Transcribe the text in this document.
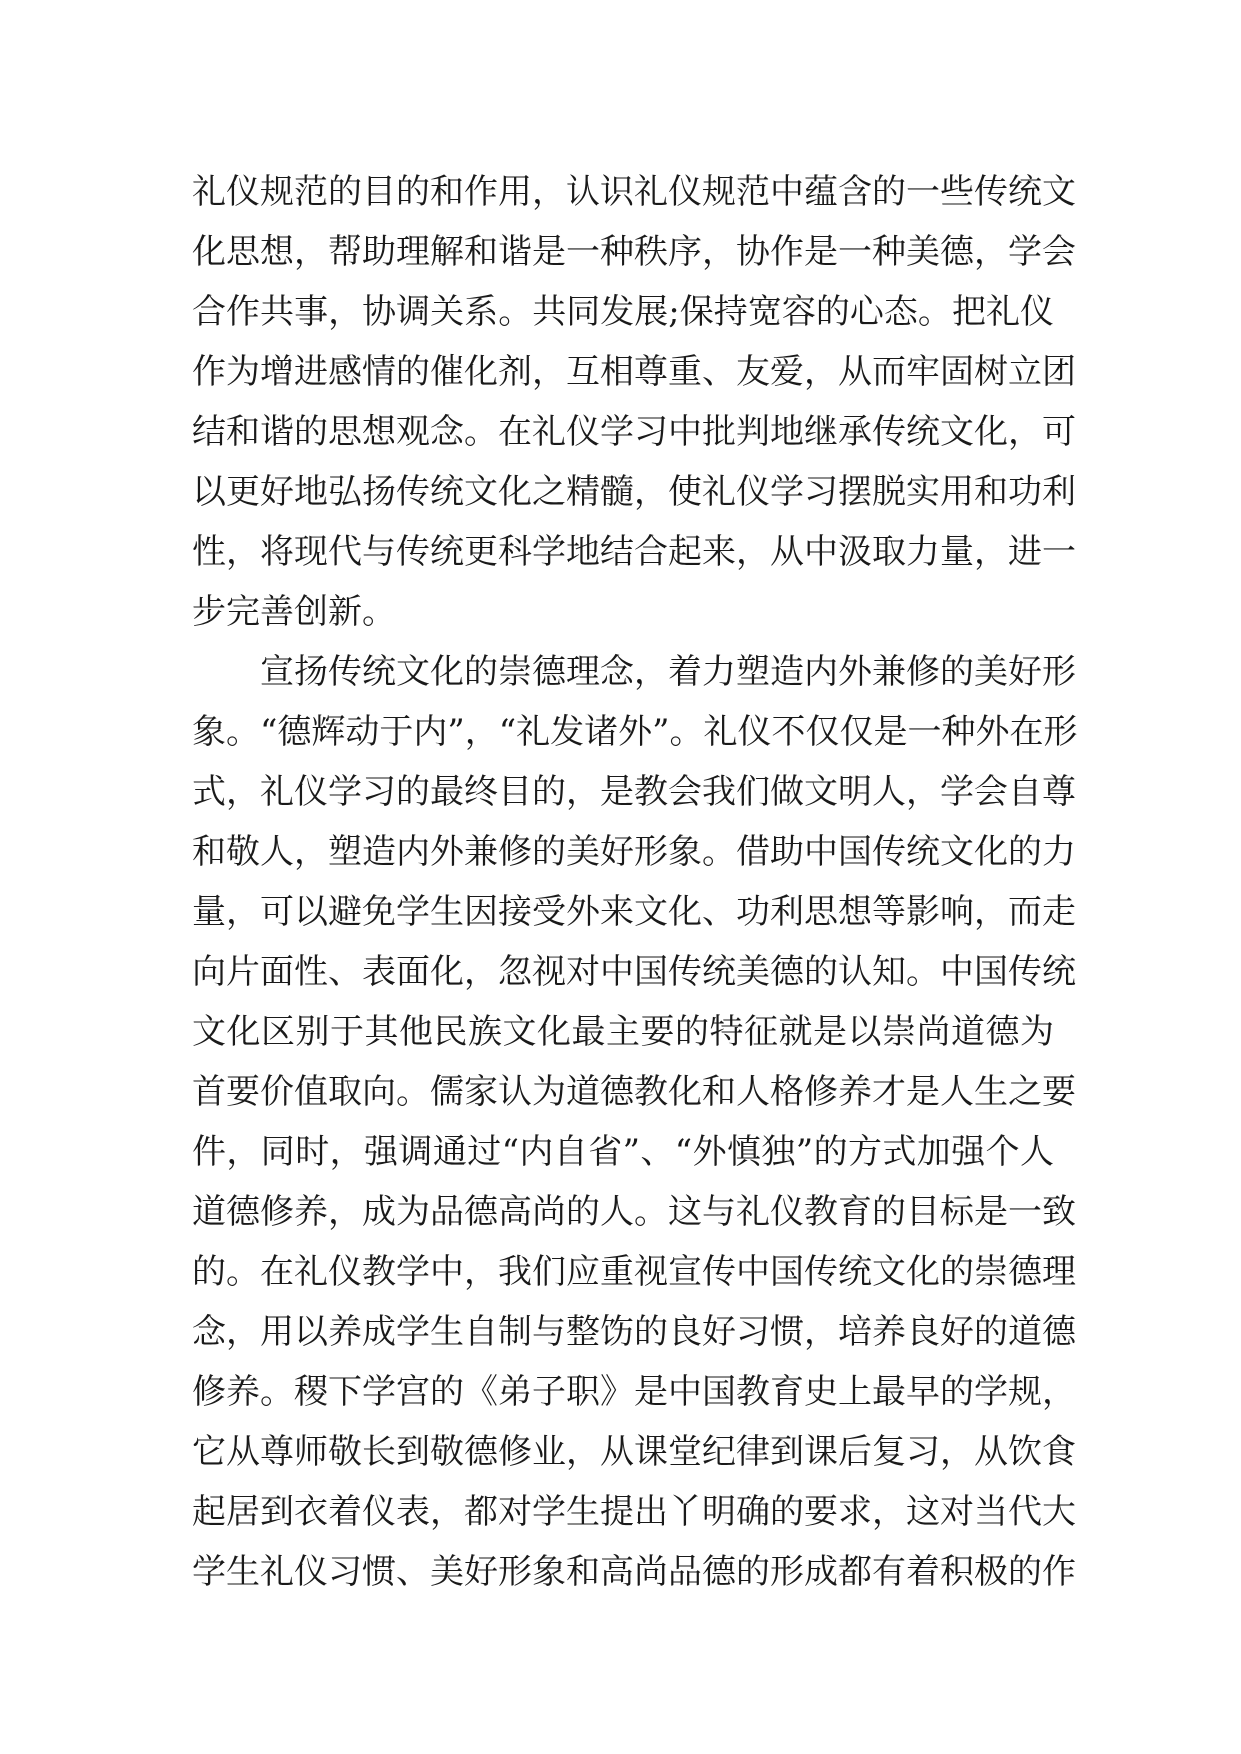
礼仪规范的目的和作用，认识礼仪规范中蕴含的一些传统文
化思想，帮助理解和谐是一种秩序，协作是一种美德，学会
合作共事，协调关系。共同发展;保持宽容的心态。把礼仪
作为增进感情的催化剂，互相尊重、友爱，从而牢固树立团
结和谐的思想观念。在礼仪学习中批判地继承传统文化，可
以更好地弘扬传统文化之精髓，使礼仪学习摆脱实用和功利
性，将现代与传统更科学地结合起来，从中汲取力量，进一
步完善创新。
宣扬传统文化的崇德理念，着力塑造内外兼修的美好形
象。“德辉动于内”，“礼发诸外”。礼仪不仅仅是一种外在形
式，礼仪学习的最终目的，是教会我们做文明人，学会自尊
和敬人，塑造内外兼修的美好形象。借助中国传统文化的力
量，可以避免学生因接受外来文化、功利思想等影响，而走
向片面性、表面化，忽视对中国传统美德的认知。中国传统
文化区别于其他民族文化最主要的特征就是以崇尚道德为
首要价值取向。儒家认为道德教化和人格修养才是人生之要
件，同时，强调通过“内自省”、“外慎独”的方式加强个人
道德修养，成为品德高尚的人。这与礼仪教育的目标是一致
的。在礼仪教学中，我们应重视宣传中国传统文化的崇德理
念，用以养成学生自制与整饬的良好习惯，培养良好的道德
修养。稷下学宫的《弟子职》是中国教育史上最早的学规，
它从尊师敬长到敬德修业，从课堂纪律到课后复习，从饮食
起居到衣着仪表，都对学生提出丫明确的要求，这对当代大
学生礼仪习惯、美好形象和高尚品德的形成都有着积极的作
